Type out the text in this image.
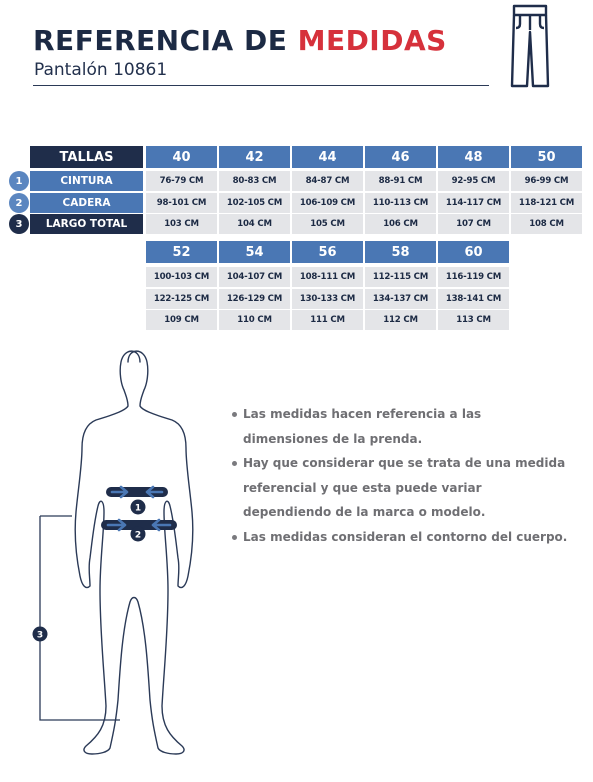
REFERENCIA DE MEDIDAS
Pantalón 10861
TALLAS
CINTURA
CADERA
LARGO TOTAL
1
2
3
40
76-79 CM
98-101 CM
103 CM
42
80-83 CM
102-105 CM
104 CM
44
84-87 CM
106-109 CM
105 CM
46
88-91 CM
110-113 CM
106 CM
48
92-95 CM
114-117 CM
107 CM
50
96-99 CM
118-121 CM
108 CM
52
100-103 CM
122-125 CM
109 CM
54
104-107 CM
126-129 CM
110 CM
56
108-111 CM
130-133 CM
111 CM
58
112-115 CM
134-137 CM
112 CM
60
116-119 CM
138-141 CM
113 CM
1
2
3
Las medidas hacen referencia a las dimensiones de la prenda.
Hay que considerar que se trata de una medida referencial y que esta puede variar dependiendo de la marca o modelo.
Las medidas consideran el contorno del cuerpo.
